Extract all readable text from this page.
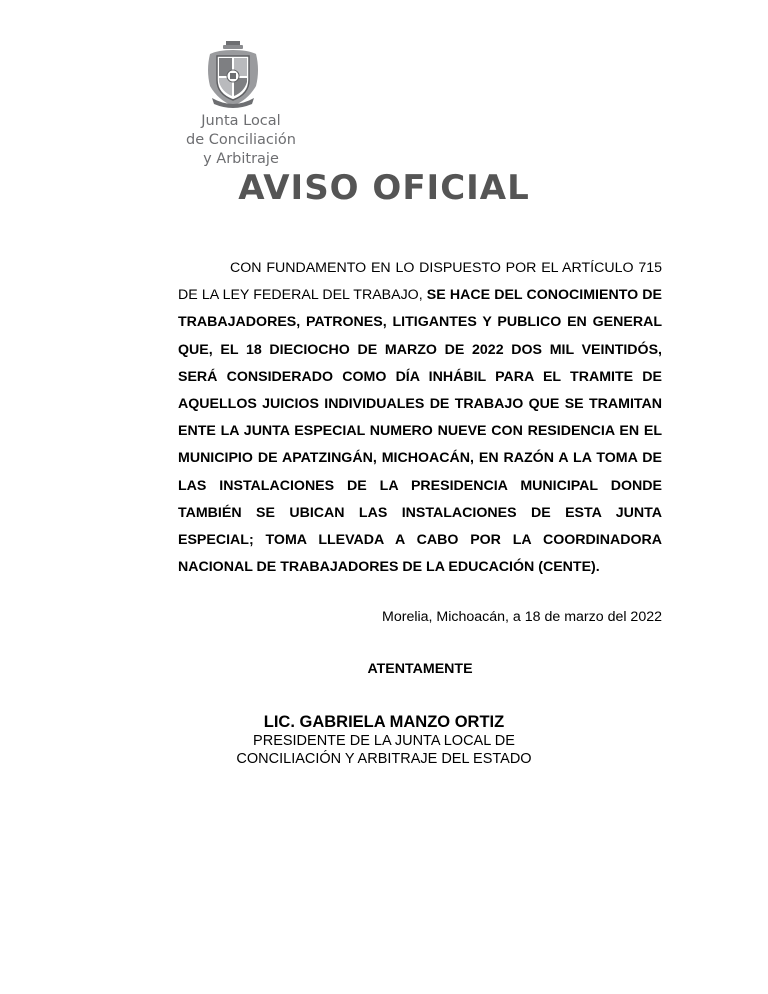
Junta Local
de Conciliación
y Arbitraje
AVISO OFICIAL

CON FUNDAMENTO EN LO DISPUESTO POR EL ARTÍCULO 715 DE LA LEY FEDERAL DEL TRABAJO, SE HACE DEL CONOCIMIENTO DE TRABAJADORES, PATRONES, LITIGANTES Y PUBLICO EN GENERAL QUE, EL 18 DIECIOCHO DE MARZO DE 2022 DOS MIL VEINTIDÓS, SERÁ CONSIDERADO COMO DÍA INHÁBIL PARA EL TRAMITE DE AQUELLOS JUICIOS INDIVIDUALES DE TRABAJO QUE SE TRAMITAN ENTE LA JUNTA ESPECIAL NUMERO NUEVE CON RESIDENCIA EN EL MUNICIPIO DE APATZINGÁN, MICHOACÁN, EN RAZÓN A LA TOMA DE LAS INSTALACIONES DE LA PRESIDENCIA MUNICIPAL DONDE TAMBIÉN SE UBICAN LAS INSTALACIONES DE ESTA JUNTA ESPECIAL; TOMA LLEVADA A CABO POR LA COORDINADORA NACIONAL DE TRABAJADORES DE LA EDUCACIÓN (CENTE).

Morelia, Michoacán, a 18 de marzo del 2022
ATENTAMENTE
LIC. GABRIELA MANZO ORTIZ
PRESIDENTE DE LA JUNTA LOCAL DE
CONCILIACIÓN Y ARBITRAJE DEL ESTADO
